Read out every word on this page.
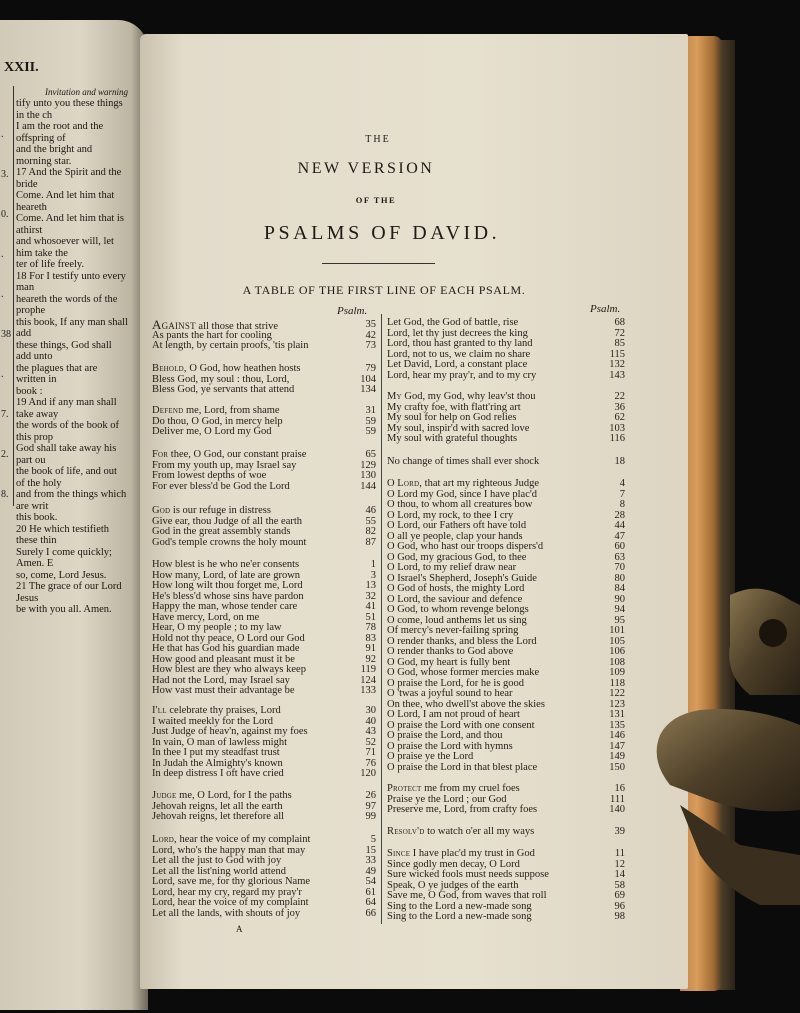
XXII.
Invitation and warning
tify unto you these things in the ch
I am the root and the offspring of
and the bright and morning star.
17 And the Spirit and the bride
Come. And let him that heareth
Come. And let him that is athirst
and whosoever will, let him take the
ter of life freely.
18 For I testify unto every man
heareth the words of the prophe
this book, If any man shall add
these things, God shall add unto
the plagues that are written in
book :
19 And if any man shall take away
the words of the book of this prop
God shall take away his part ou
the book of life, and out of the holy
and from the things which are writ
this book.
20 He which testifieth these thin
Surely I come quickly; Amen. E
so, come, Lord Jesus.
21 The grace of our Lord Jesus
be with you all. Amen.
.
3.
0.
.
.
38
.
7.
2.
8.
THE
NEW VERSION
OF THE
PSALMS OF DAVID.
A TABLE OF THE FIRST LINE OF EACH PSALM.
Psalm.	Psalm.
Against all those that strive	35
As pants the hart for cooling	42
At length, by certain proofs, 'tis plain	73
Behold, O God, how heathen hosts	79
Bless God, my soul : thou, Lord,	104
Bless God, ye servants that attend	134
Defend me, Lord, from shame	31
Do thou, O God, in mercy help	59
Deliver me, O Lord my God	59
For thee, O God, our constant praise	65
From my youth up, may Israel say	129
From lowest depths of woe	130
For ever bless'd be God the Lord	144
God is our refuge in distress	46
Give ear, thou Judge of all the earth	55
God in the great assembly stands	82
God's temple crowns the holy mount	87
How blest is he who ne'er consents	1
How many, Lord, of late are grown	3
How long wilt thou forget me, Lord	13
He's bless'd whose sins have pardon	32
Happy the man, whose tender care	41
Have mercy, Lord, on me	51
Hear, O my people ; to my law	78
Hold not thy peace, O Lord our God	83
He that has God his guardian made	91
How good and pleasant must it be	92
How blest are they who always keep	119
Had not the Lord, may Israel say	124
How vast must their advantage be	133
I'll celebrate thy praises, Lord	30
I waited meekly for the Lord	40
Just Judge of heav'n, against my foes	43
In vain, O man of lawless might	52
In thee I put my steadfast trust	71
In Judah the Almighty's known	76
In deep distress I oft have cried	120
Judge me, O Lord, for I the paths	26
Jehovah reigns, let all the earth	97
Jehovah reigns, let therefore all	99
Lord, hear the voice of my complaint	5
Lord, who's the happy man that may	15
Let all the just to God with joy	33
Let all the list'ning world attend	49
Lord, save me, for thy glorious Name	54
Lord, hear my cry, regard my pray'r	61
Lord, hear the voice of my complaint	64
Let all the lands, with shouts of joy	66
Let God, the God of battle, rise	68
Lord, let thy just decrees the king	72
Lord, thou hast granted to thy land	85
Lord, not to us, we claim no share	115
Let David, Lord, a constant place	132
Lord, hear my pray'r, and to my cry	143
My God, my God, why leav'st thou	22
My crafty foe, with flatt'ring art	36
My soul for help on God relies	62
My soul, inspir'd with sacred love	103
My soul with grateful thoughts	116
No change of times shall ever shock	18
O Lord, that art my righteous Judge	4
O Lord my God, since I have plac'd	7
O thou, to whom all creatures bow	8
O Lord, my rock, to thee I cry	28
O Lord, our Fathers oft have told	44
O all ye people, clap your hands	47
O God, who hast our troops dispers'd	60
O God, my gracious God, to thee	63
O Lord, to my relief draw near	70
O Israel's Shepherd, Joseph's Guide	80
O God of hosts, the mighty Lord	84
O Lord, the saviour and defence	90
O God, to whom revenge belongs	94
O come, loud anthems let us sing	95
Of mercy's never-failing spring	101
O render thanks, and bless the Lord	105
O render thanks to God above	106
O God, my heart is fully bent	108
O God, whose former mercies make	109
O praise the Lord, for he is good	118
O 'twas a joyful sound to hear	122
On thee, who dwell'st above the skies	123
O Lord, I am not proud of heart	131
O praise the Lord with one consent	135
O praise the Lord, and thou	146
O praise the Lord with hymns	147
O praise ye the Lord	149
O praise the Lord in that blest place	150
Protect me from my cruel foes	16
Praise ye the Lord ; our God	111
Preserve me, Lord, from crafty foes	140
Resolv'd to watch o'er all my ways	39
Since I have plac'd my trust in God	11
Since godly men decay, O Lord	12
Sure wicked fools must needs suppose	14
Speak, O ye judges of the earth	58
Save me, O God, from waves that roll	69
Sing to the Lord a new-made song	96
Sing to the Lord a new-made song	98
A
